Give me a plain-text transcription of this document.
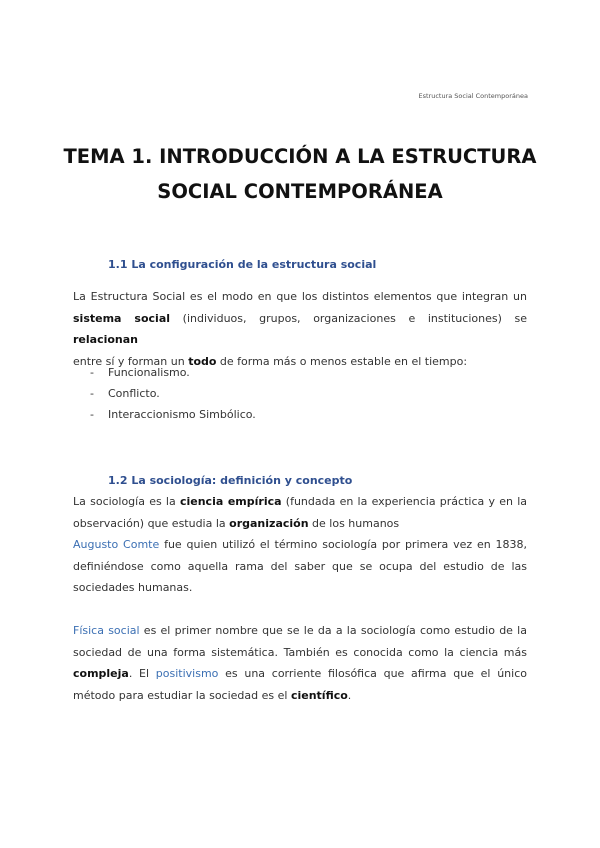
Estructura Social Contemporánea
TEMA 1. INTRODUCCIÓN A LA ESTRUCTURA
SOCIAL CONTEMPORÁNEA
1.1 La configuración de la estructura social
La Estructura Social es el modo en que los distintos elementos que integran un
sistema social (individuos, grupos, organizaciones e instituciones) se relacionan
entre sí y forman un todo de forma más o menos estable en el tiempo:
- Funcionalismo.
- Conflicto.
- Interaccionismo Simbólico.
1.2 La sociología: definición y concepto
La sociología es la ciencia empírica (fundada en la experiencia práctica y en la
observación) que estudia la organización de los humanos
Augusto Comte fue quien utilizó el término sociología por primera vez en 1838,
definiéndose como aquella rama del saber que se ocupa del estudio de las
sociedades humanas.
Física social es el primer nombre que se le da a la sociología como estudio de la
sociedad de una forma sistemática. También es conocida como la ciencia más
compleja. El positivismo es una corriente filosófica que afirma que el único
método para estudiar la sociedad es el científico.
